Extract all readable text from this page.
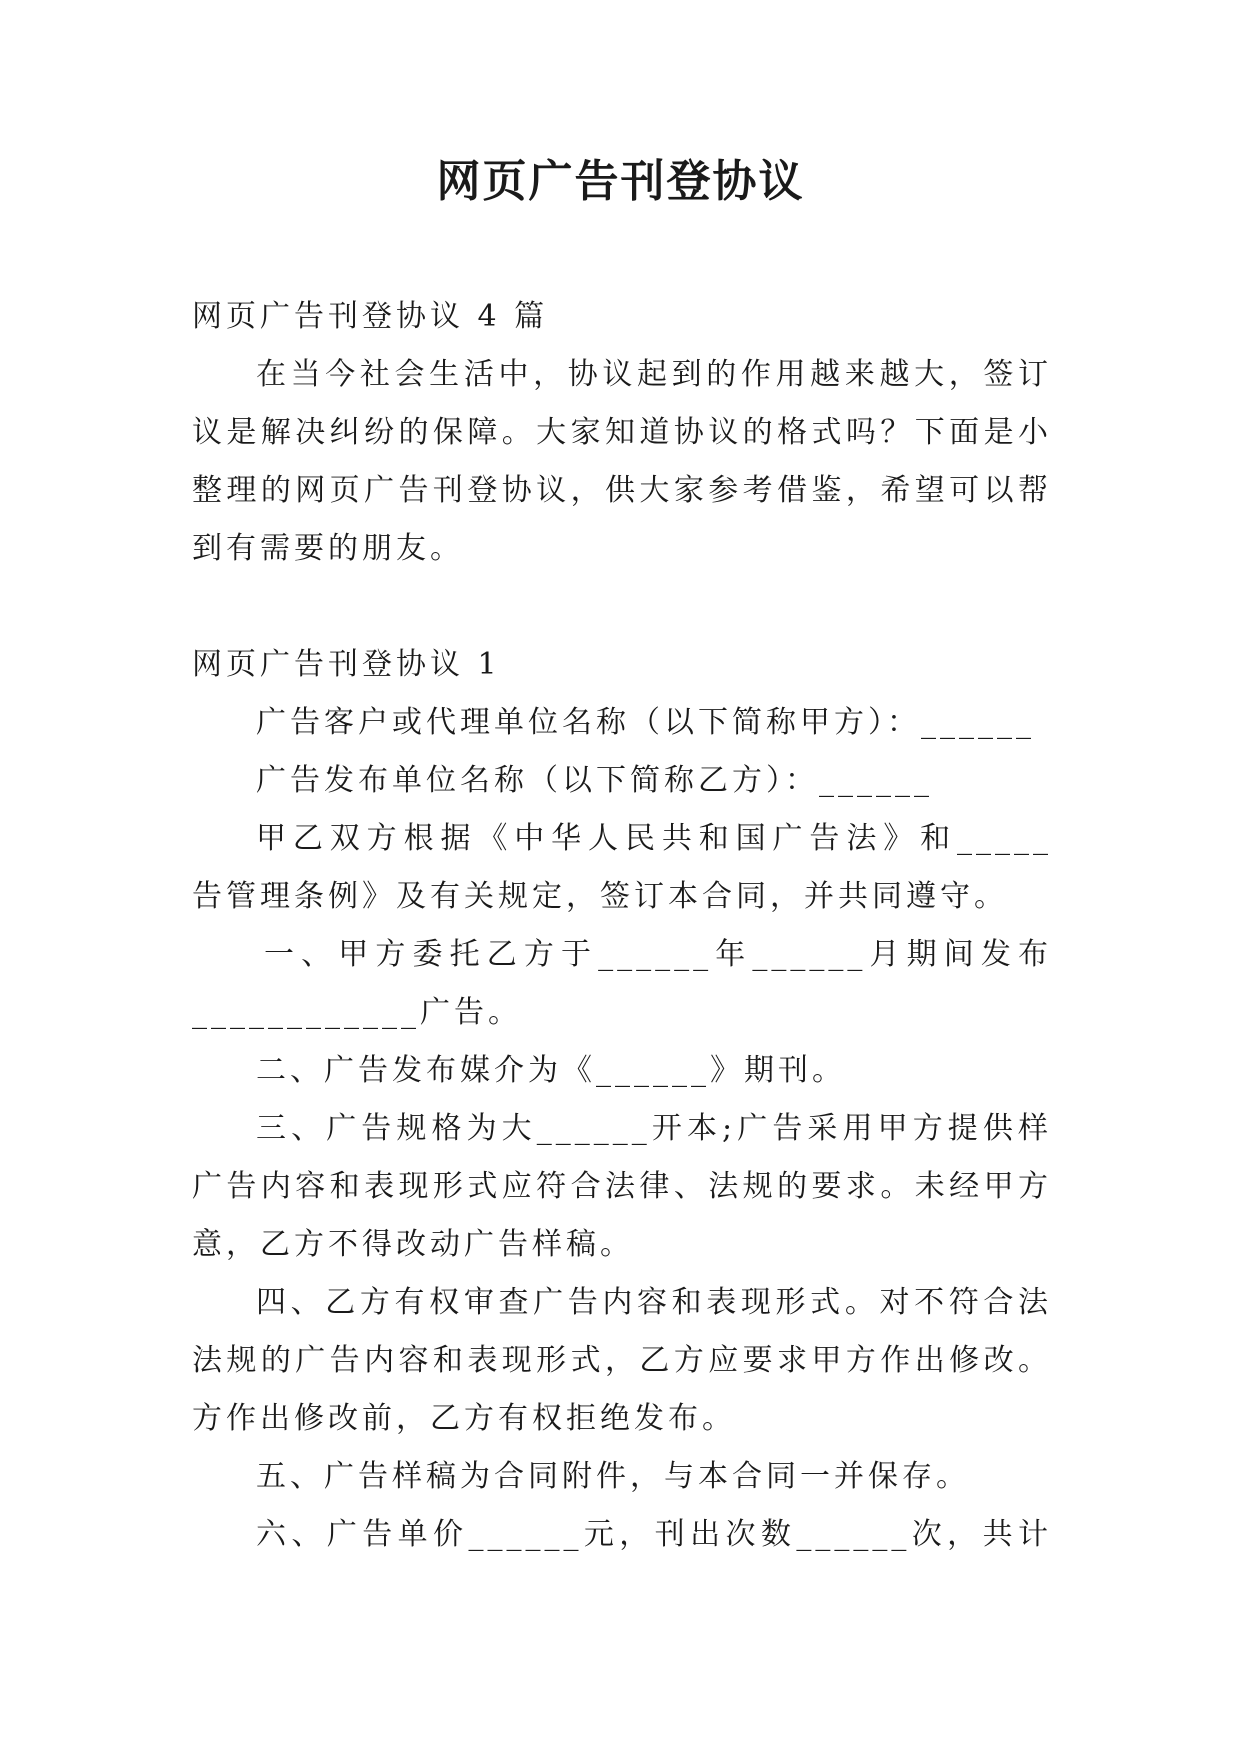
网页广告刊登协议

网页广告刊登协议 4 篇

在当今社会生活中，协议起到的作用越来越大，签订

议是解决纠纷的保障。大家知道协议的格式吗？下面是小

整理的网页广告刊登协议，供大家参考借鉴，希望可以帮

到有需要的朋友。

网页广告刊登协议 1

广告客户或代理单位名称（以下简称甲方）：______

广告发布单位名称（以下简称乙方）：______

甲乙双方根据《中华人民共和国广告法》和_____

告管理条例》及有关规定，签订本合同，并共同遵守。

一、甲方委托乙方于______年______月期间发布

____________广告。

二、广告发布媒介为《______》期刊。

三、广告规格为大______开本;广告采用甲方提供样

广告内容和表现形式应符合法律、法规的要求。未经甲方

意，乙方不得改动广告样稿。

四、乙方有权审查广告内容和表现形式。对不符合法

法规的广告内容和表现形式，乙方应要求甲方作出修改。

方作出修改前，乙方有权拒绝发布。

五、广告样稿为合同附件，与本合同一并保存。

六、广告单价______元，刊出次数______次，共计
